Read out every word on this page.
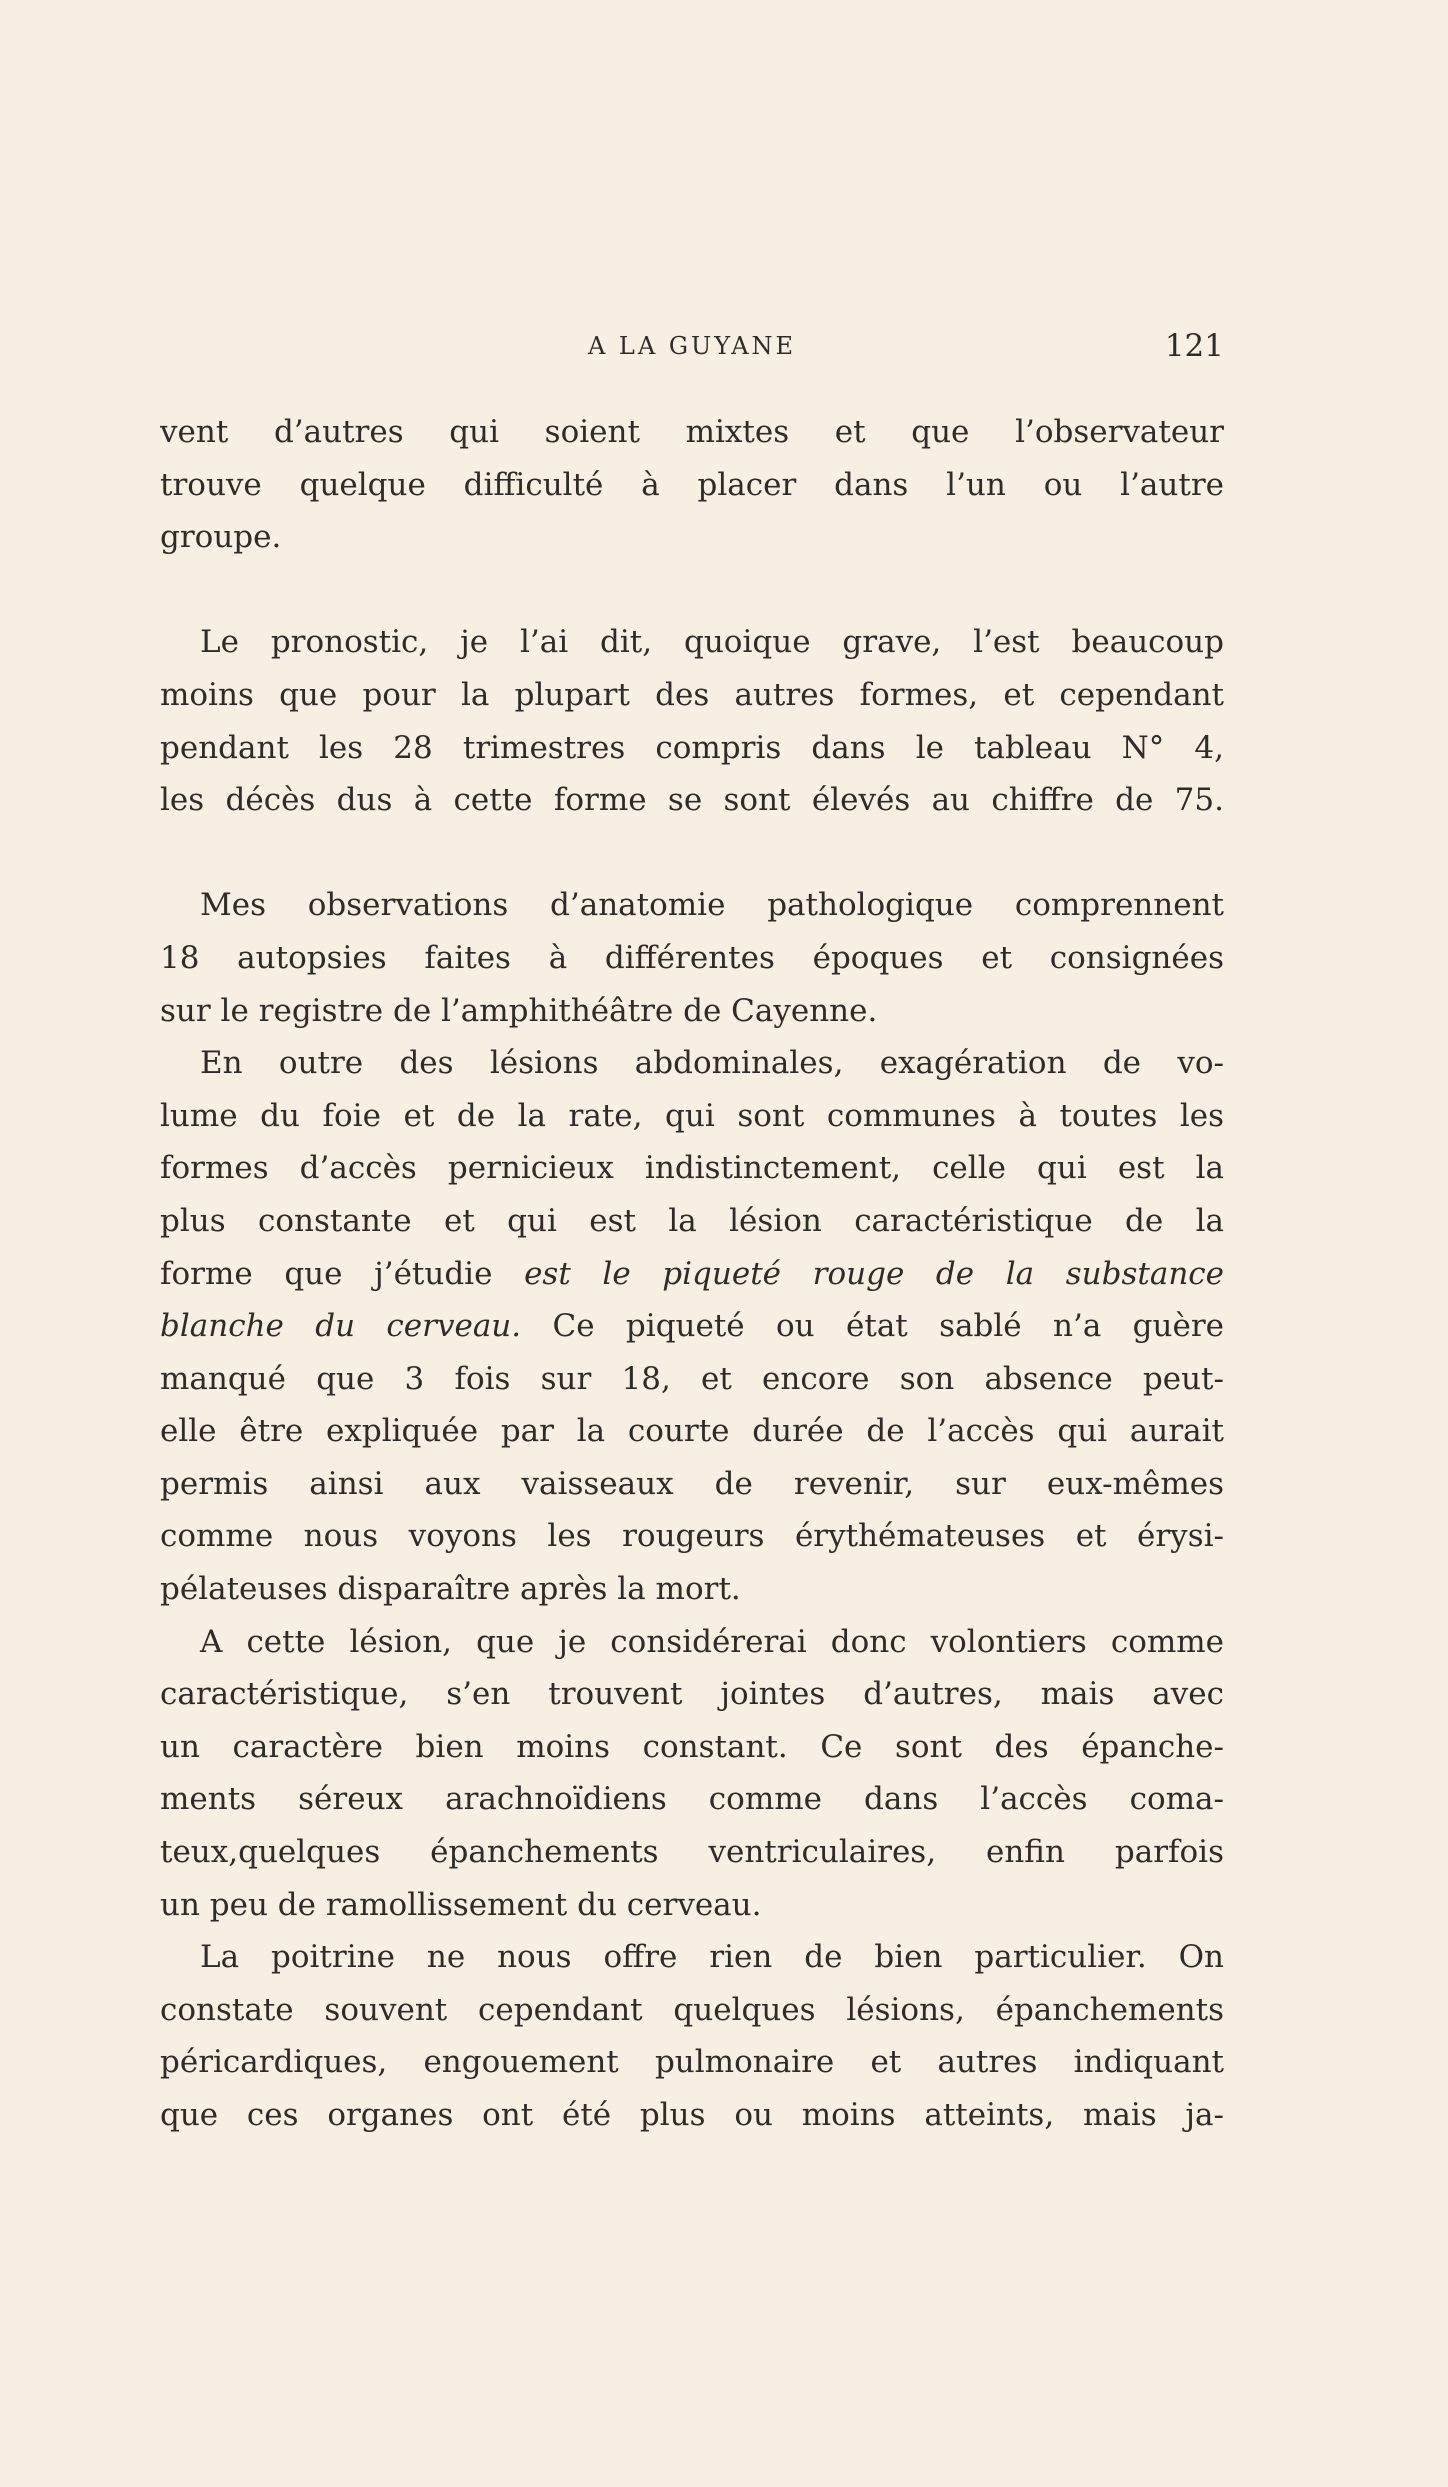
A LA GUYANE	121
vent d’autres qui soient mixtes et que l’observateur
trouve quelque difficulté à placer dans l’un ou l’autre
groupe.
Le pronostic, je l’ai dit, quoique grave, l’est beaucoup
moins que pour la plupart des autres formes, et cependant
pendant les 28 trimestres compris dans le tableau N° 4,
les décès dus à cette forme se sont élevés au chiffre de 75.
Mes observations d’anatomie pathologique comprennent
18 autopsies faites à différentes époques et consignées
sur le registre de l’amphithéâtre de Cayenne.
En outre des lésions abdominales, exagération de vo-
lume du foie et de la rate, qui sont communes à toutes les
formes d’accès pernicieux indistinctement, celle qui est la
plus constante et qui est la lésion caractéristique de la
forme que j’étudie est le piqueté rouge de la substance
blanche du cerveau. Ce piqueté ou état sablé n’a guère
manqué que 3 fois sur 18, et encore son absence peut-
elle être expliquée par la courte durée de l’accès qui aurait
permis ainsi aux vaisseaux de revenir, sur eux-mêmes
comme nous voyons les rougeurs érythémateuses et érysi-
pélateuses disparaître après la mort.
A cette lésion, que je considérerai donc volontiers comme
caractéristique, s’en trouvent jointes d’autres, mais avec
un caractère bien moins constant. Ce sont des épanche-
ments séreux arachnoïdiens comme dans l’accès coma-
teux,quelques épanchements ventriculaires, enfin parfois
un peu de ramollissement du cerveau.
La poitrine ne nous offre rien de bien particulier. On
constate souvent cependant quelques lésions, épanchements
péricardiques, engouement pulmonaire et autres indiquant
que ces organes ont été plus ou moins atteints, mais ja-
